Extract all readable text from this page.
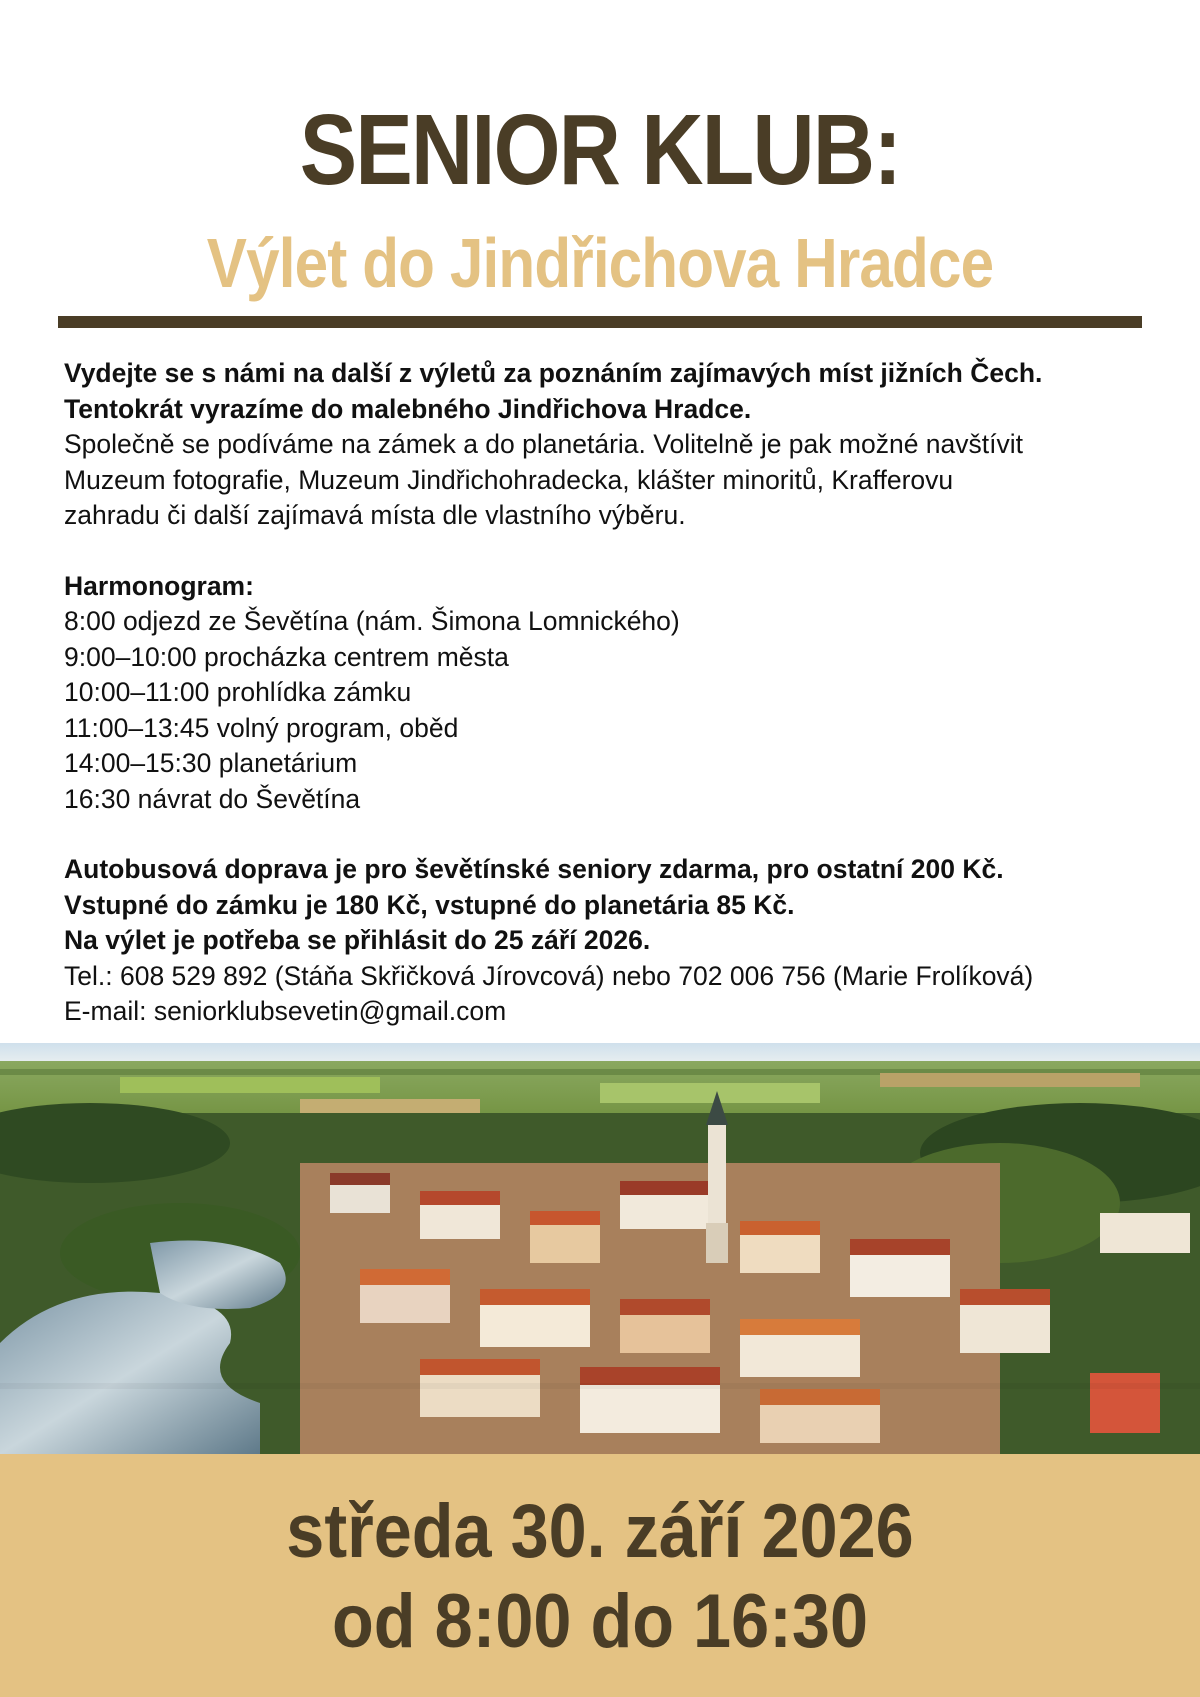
SENIOR KLUB:
Výlet do Jindřichova Hradce

Vydejte se s námi na další z výletů za poznáním zajímavých míst jižních Čech.

Tentokrát vyrazíme do malebného Jindřichova Hradce.

Společně se podíváme na zámek a do planetária. Volitelně je pak možné navštívit

Muzeum fotografie, Muzeum Jindřichohradecka, klášter minoritů, Krafferovu

zahradu či další zajímavá místa dle vlastního výběru.

Harmonogram:

8:00 odjezd ze Ševětína (nám. Šimona Lomnického)

9:00–10:00 procházka centrem města

10:00–11:00 prohlídka zámku

11:00–13:45 volný program, oběd

14:00–15:30 planetárium

16:30 návrat do Ševětína

Autobusová doprava je pro ševětínské seniory zdarma, pro ostatní 200 Kč.

Vstupné do zámku je 180 Kč, vstupné do planetária 85 Kč.

Na výlet je potřeba se přihlásit do 25 září 2026.

Tel.: 608 529 892 (Stáňa Skřičková Jírovcová) nebo 702 006 756 (Marie Frolíková)

E-mail: seniorklubsevetin@gmail.com

středa 30. září 2026
od 8:00 do 16:30
